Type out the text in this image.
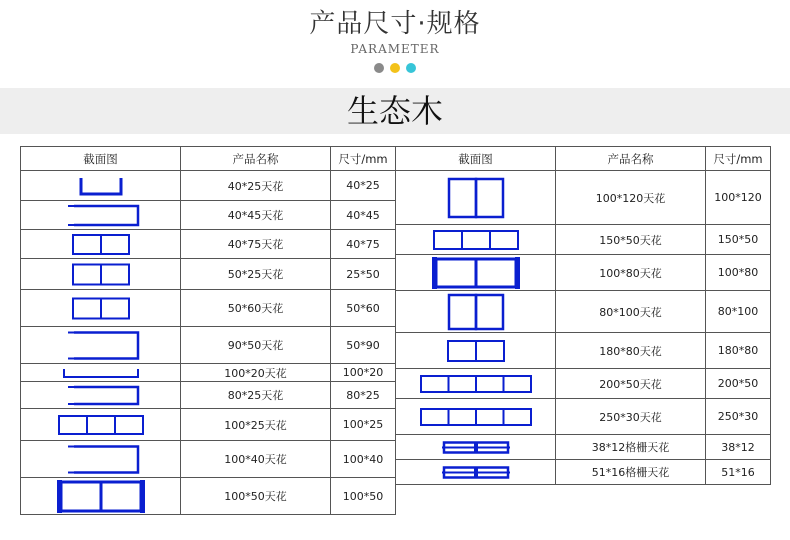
产品尺寸·规格
PARAMETER
生态木
截面图	产品名称	尺寸/mm

	40*25天花	40*25

	40*45天花	40*45

	40*75天花	40*75

	50*25天花	25*50

	50*60天花	50*60

	90*50天花	50*90

	100*20天花	100*20

	80*25天花	80*25

	100*25天花	100*25

	100*40天花	100*40

	100*50天花	100*50
截面图	产品名称	尺寸/mm

	100*120天花	100*120

	150*50天花	150*50

	100*80天花	100*80

	80*100天花	80*100

	180*80天花	180*80

	200*50天花	200*50

	250*30天花	250*30

	38*12格栅天花	38*12

	51*16格栅天花	51*16
